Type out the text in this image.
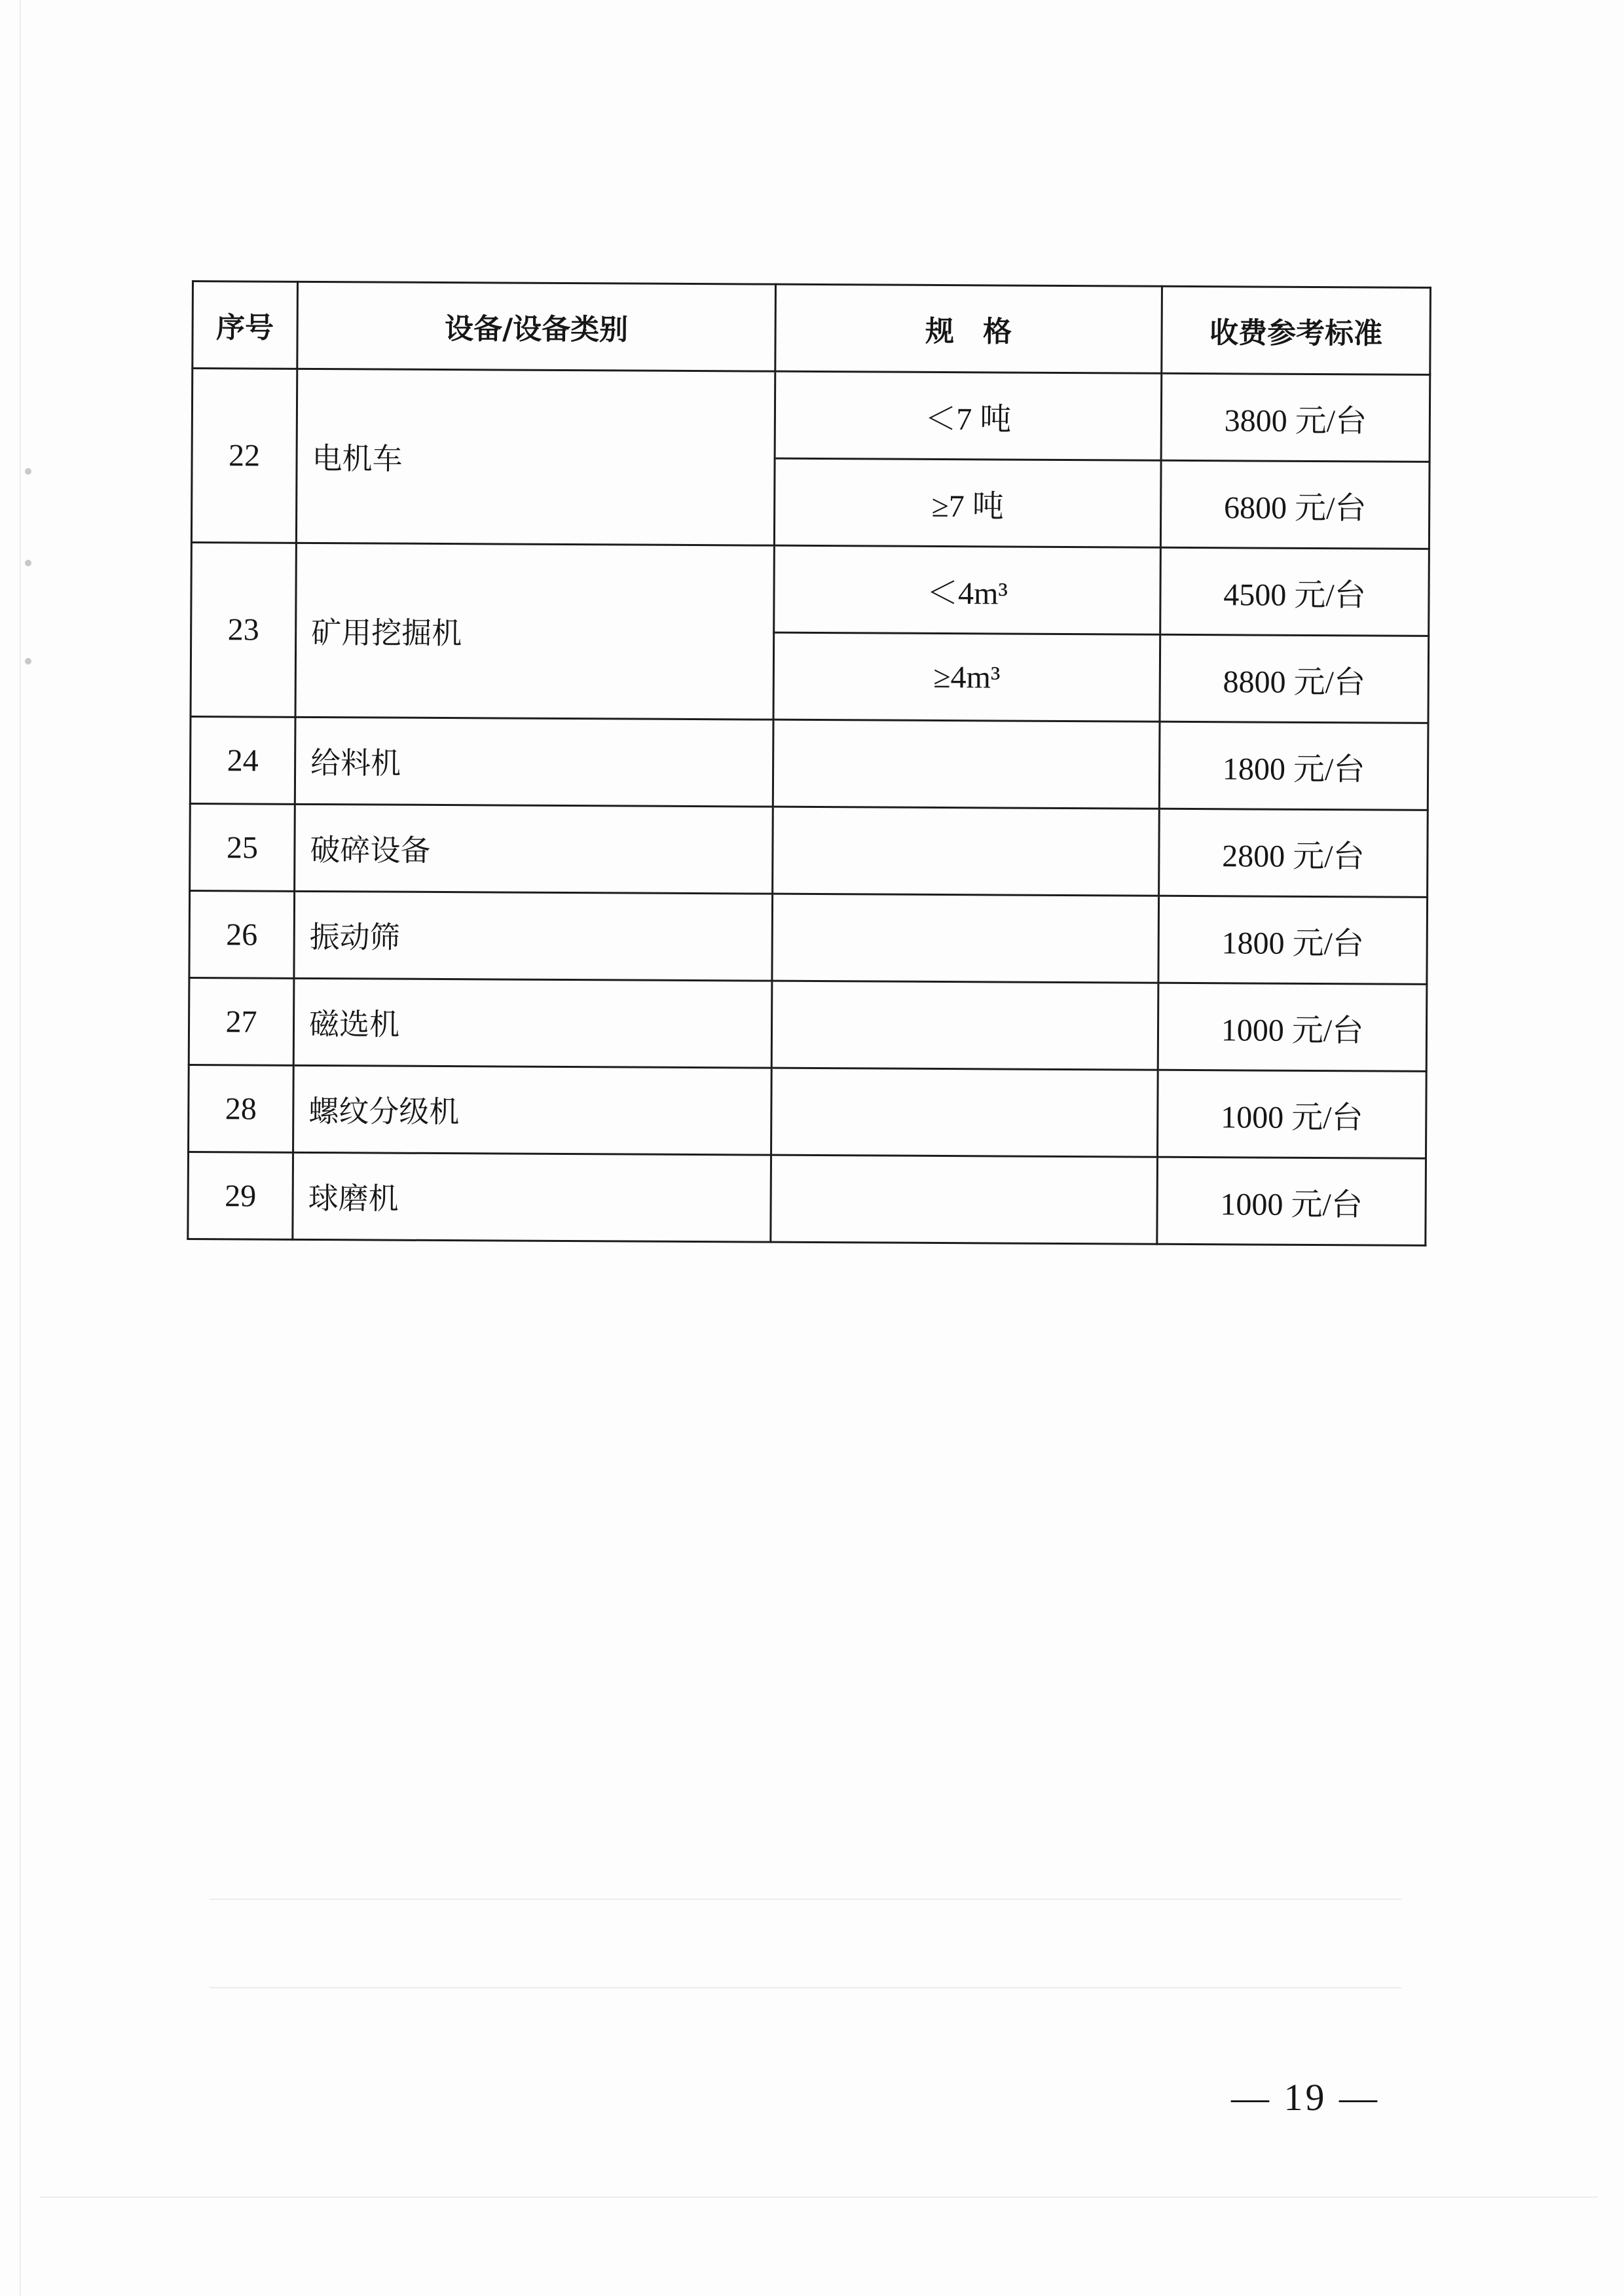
序号	设备/设备类别	规　格	收费参考标准
22	电机车	＜7 吨	3800 元/台
		≥7 吨	6800 元/台
23	矿用挖掘机	＜4m³	4500 元/台
		≥4m³	8800 元/台
24	给料机		1800 元/台
25	破碎设备		2800 元/台
26	振动筛		1800 元/台
27	磁选机		1000 元/台
28	螺纹分级机		1000 元/台
29	球磨机		1000 元/台
— 19 —
